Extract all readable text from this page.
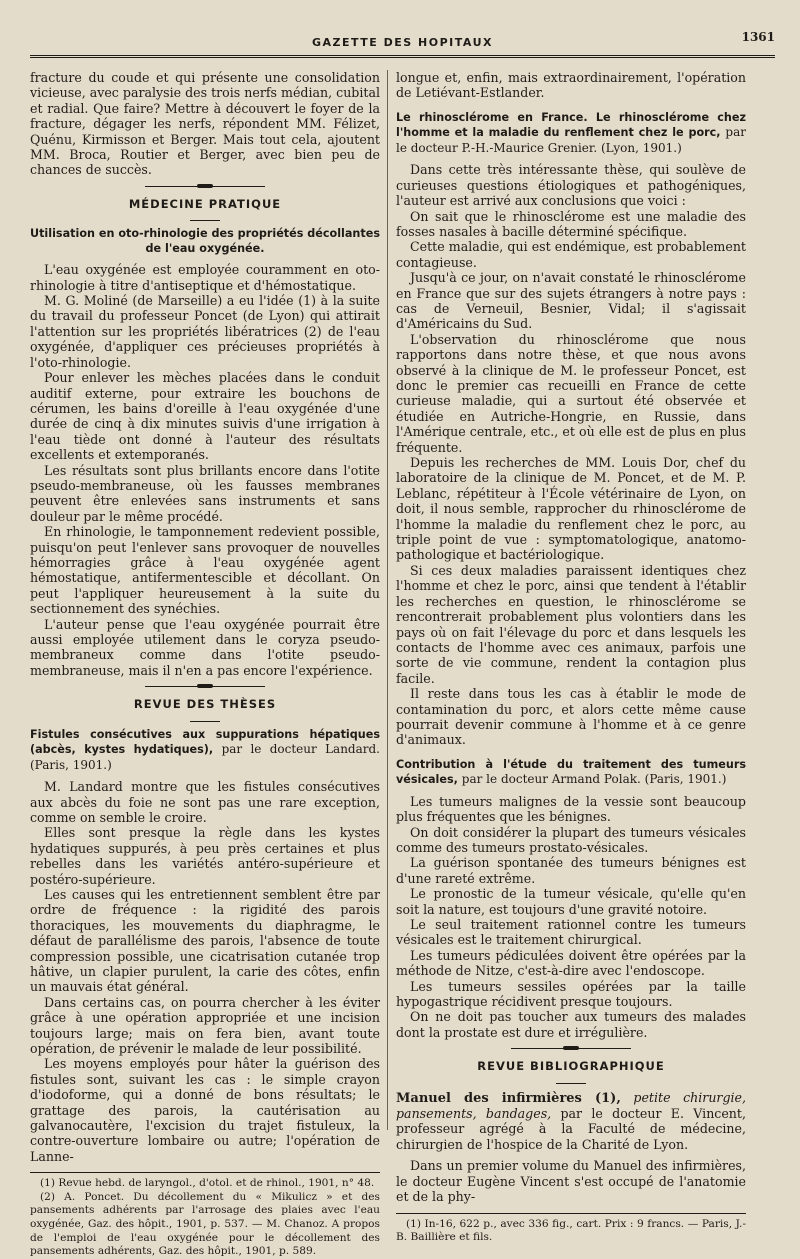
GAZETTE DES HOPITAUX	1361

fracture du coude et qui présente une consolidation vicieuse, avec paralysie des trois nerfs médian, cubital et radial. Que faire? Mettre à découvert le foyer de la fracture, dégager les nerfs, répondent MM. Félizet, Quénu, Kirmisson et Berger. Mais tout cela, ajoutent MM. Broca, Routier et Berger, avec bien peu de chances de succès.

MÉDECINE PRATIQUE
Utilisation en oto-rhinologie des propriétés décollantes de l'eau oxygénée.

L'eau oxygénée est employée couramment en oto-rhinologie à titre d'antiseptique et d'hémostatique.

M. G. Moliné (de Marseille) a eu l'idée (1) à la suite du travail du professeur Poncet (de Lyon) qui attirait l'attention sur les propriétés libératrices (2) de l'eau oxygénée, d'appliquer ces précieuses propriétés à l'oto-rhinologie.

Pour enlever les mèches placées dans le conduit auditif externe, pour extraire les bouchons de cérumen, les bains d'oreille à l'eau oxygénée d'une durée de cinq à dix minutes suivis d'une irrigation à l'eau tiède ont donné à l'auteur des résultats excellents et extemporanés.

Les résultats sont plus brillants encore dans l'otite pseudo-membraneuse, où les fausses membranes peuvent être enlevées sans instruments et sans douleur par le même procédé.

En rhinologie, le tamponnement redevient possible, puisqu'on peut l'enlever sans provoquer de nouvelles hémorragies grâce à l'eau oxygénée agent hémostatique, antifermentescible et décollant. On peut l'appliquer heureusement à la suite du sectionnement des synéchies.

L'auteur pense que l'eau oxygénée pourrait être aussi employée utilement dans le coryza pseudo-membraneux comme dans l'otite pseudo-membraneuse, mais il n'en a pas encore l'expérience.

REVUE DES THÈSES
Fistules consécutives aux suppurations hépatiques (abcès, kystes hydatiques), par le docteur Landard. (Paris, 1901.)

M. Landard montre que les fistules consécutives aux abcès du foie ne sont pas une rare exception, comme on semble le croire.

Elles sont presque la règle dans les kystes hydatiques suppurés, à peu près certaines et plus rebelles dans les variétés antéro-supérieure et postéro-supérieure.

Les causes qui les entretiennent semblent être par ordre de fréquence : la rigidité des parois thoraciques, les mouvements du diaphragme, le défaut de parallélisme des parois, l'absence de toute compression possible, une cicatrisation cutanée trop hâtive, un clapier purulent, la carie des côtes, enfin un mauvais état général.

Dans certains cas, on pourra chercher à les éviter grâce à une opération appropriée et une incision toujours large; mais on fera bien, avant toute opération, de prévenir le malade de leur possibilité.

Les moyens employés pour hâter la guérison des fistules sont, suivant les cas : le simple crayon d'iodoforme, qui a donné de bons résultats; le grattage des parois, la cautérisation au galvanocautère, l'excision du trajet fistuleux, la contre-ouverture lombaire ou autre; l'opération de Lanne-

(1) Revue hebd. de laryngol., d'otol. et de rhinol., 1901, n° 48.

(2) A. Poncet. Du décollement du « Mikulicz » et des pansements adhérents par l'arrosage des plaies avec l'eau oxygénée, Gaz. des hôpit., 1901, p. 537. — M. Chanoz. A propos de l'emploi de l'eau oxygénée pour le décollement des pansements adhérents, Gaz. des hôpit., 1901, p. 589.

longue et, enfin, mais extraordinairement, l'opération de Letiévant-Estlander.

Le rhinosclérome en France. Le rhinosclérome chez l'homme et la maladie du renflement chez le porc, par le docteur P.-H.-Maurice Grenier. (Lyon, 1901.)

Dans cette très intéressante thèse, qui soulève de curieuses questions étiologiques et pathogéniques, l'auteur est arrivé aux conclusions que voici :

On sait que le rhinosclérome est une maladie des fosses nasales à bacille déterminé spécifique.

Cette maladie, qui est endémique, est probablement contagieuse.

Jusqu'à ce jour, on n'avait constaté le rhinosclérome en France que sur des sujets étrangers à notre pays : cas de Verneuil, Besnier, Vidal; il s'agissait d'Américains du Sud.

L'observation du rhinosclérome que nous rapportons dans notre thèse, et que nous avons observé à la clinique de M. le professeur Poncet, est donc le premier cas recueilli en France de cette curieuse maladie, qui a surtout été observée et étudiée en Autriche-Hongrie, en Russie, dans l'Amérique centrale, etc., et où elle est de plus en plus fréquente.

Depuis les recherches de MM. Louis Dor, chef du laboratoire de la clinique de M. Poncet, et de M. P. Leblanc, répétiteur à l'École vétérinaire de Lyon, on doit, il nous semble, rapprocher du rhinosclérome de l'homme la maladie du renflement chez le porc, au triple point de vue : symptomatologique, anatomo-pathologique et bactériologique.

Si ces deux maladies paraissent identiques chez l'homme et chez le porc, ainsi que tendent à l'établir les recherches en question, le rhinosclérome se rencontrerait probablement plus volontiers dans les pays où on fait l'élevage du porc et dans lesquels les contacts de l'homme avec ces animaux, parfois une sorte de vie commune, rendent la contagion plus facile.

Il reste dans tous les cas à établir le mode de contamination du porc, et alors cette même cause pourrait devenir commune à l'homme et à ce genre d'animaux.

Contribution à l'étude du traitement des tumeurs vésicales, par le docteur Armand Polak. (Paris, 1901.)

Les tumeurs malignes de la vessie sont beaucoup plus fréquentes que les bénignes.

On doit considérer la plupart des tumeurs vésicales comme des tumeurs prostato-vésicales.

La guérison spontanée des tumeurs bénignes est d'une rareté extrême.

Le pronostic de la tumeur vésicale, qu'elle qu'en soit la nature, est toujours d'une gravité notoire.

Le seul traitement rationnel contre les tumeurs vésicales est le traitement chirurgical.

Les tumeurs pédiculées doivent être opérées par la méthode de Nitze, c'est-à-dire avec l'endoscope.

Les tumeurs sessiles opérées par la taille hypogastrique récidivent presque toujours.

On ne doit pas toucher aux tumeurs des malades dont la prostate est dure et irrégulière.

REVUE BIBLIOGRAPHIQUE

Manuel des infirmières (1), petite chirurgie, pansements, bandages, par le docteur E. Vincent, professeur agrégé à la Faculté de médecine, chirurgien de l'hospice de la Charité de Lyon.

Dans un premier volume du Manuel des infirmières, le docteur Eugène Vincent s'est occupé de l'anatomie et de la phy-

(1) In-16, 622 p., avec 336 fig., cart. Prix : 9 francs. — Paris, J.-B. Baillière et fils.
